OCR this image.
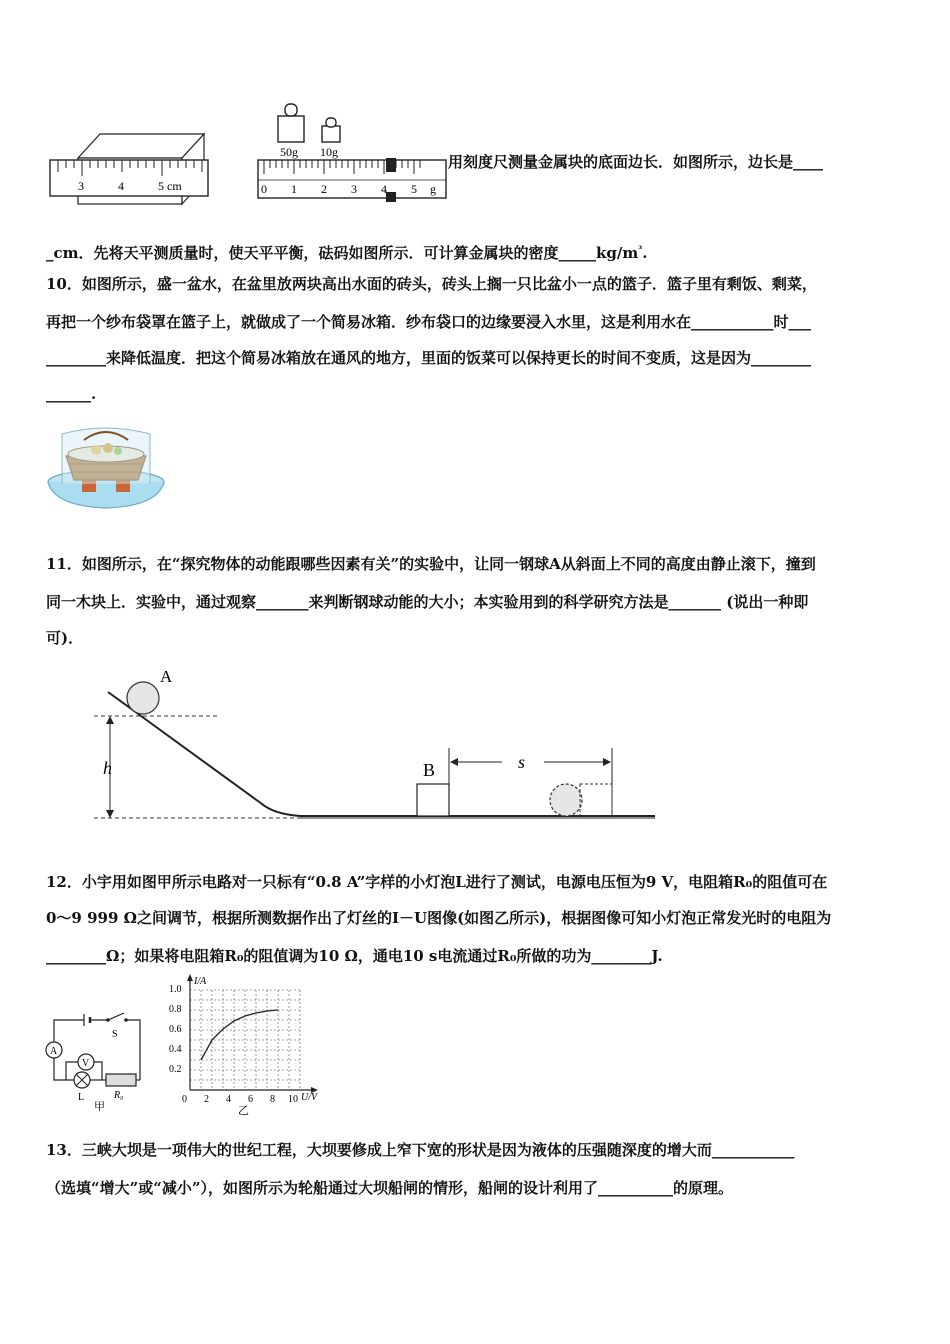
3	4	5 cm
50g 10g
0 1 2 3 4 5 g
用刻度尺测量金属块的底面边长．如图所示，边长是____
_cm．先将天平测质量时，使天平平衡，砝码如图所示．可计算金属块的密度$\_\_\_\_\_kg/m^{^3}$.
10．如图所示，盛一盆水，在盆里放两块高出水面的砖头，砖头上搁一只比盆小一点的篮子．篮子里有剩饭、剩菜，
再把一个纱布袋罩在篮子上，就做成了一个简易冰箱．纱布袋口的边缘要浸入水里，这是利用水在___________时___
________来降低温度．把这个简易冰箱放在通风的地方，里面的饭菜可以保持更长的时间不变质，这是因为________
______.
11．如图所示，在“探究物体的动能跟哪些因素有关”的实验中，让同一钢球A从斜面上不同的高度由静止滚下，撞到
同一木块上．实验中，通过观察_______来判断钢球动能的大小；本实验用到的科学研究方法是_______ (说出一种即
可)．
h
A
B	s
12．小宇用如图甲所示电路对一只标有“0.8 A”字样的小灯泡L进行了测试，电源电压恒为9 V，电阻箱R₀的阻值可在
0～9 999 Ω之间调节，根据所测数据作出了灯丝的I－U图像(如图乙所示)，根据图像可知小灯泡正常发光时的电阻为
________Ω；如果将电阻箱R₀的阻值调为10 Ω，通电10 s电流通过R₀所做的功为________J.
S
A
L
V
R₀
甲
I/A
U/V
0 2 4 6 8 10
0.2
0.4
0.6
0.8
1.0
乙
13．三峡大坝是一项伟大的世纪工程，大坝要修成上窄下宽的形状是因为液体的压强随深度的增大而___________
（选填“增大”或“减小”），如图所示为轮船通过大坝船闸的情形，船闸的设计利用了__________的原理。
